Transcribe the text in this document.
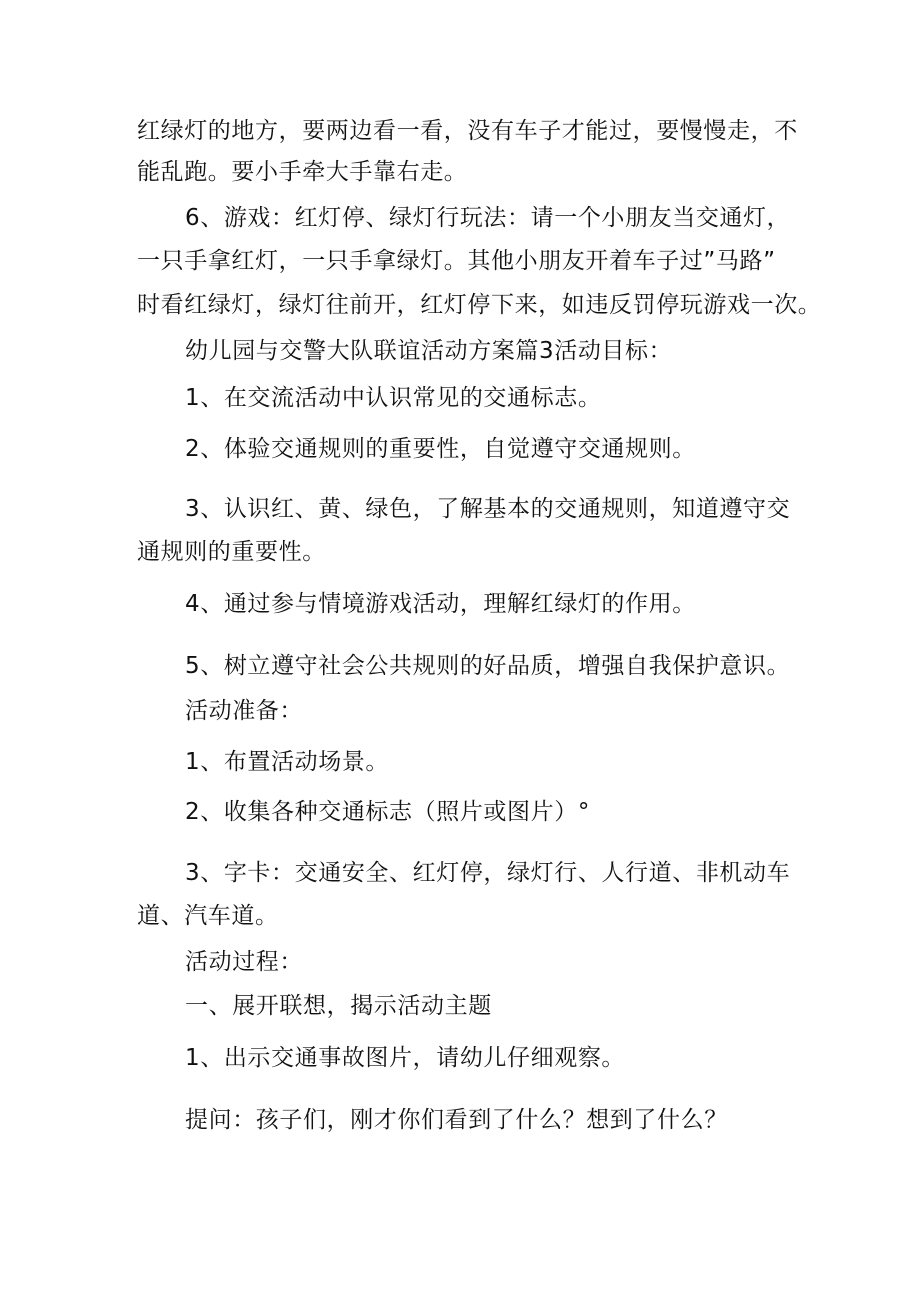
红绿灯的地方，要两边看一看，没有车子才能过，要慢慢走，不

能乱跑。要小手牵大手靠右走。

6、游戏：红灯停、绿灯行玩法：请一个小朋友当交通灯，

一只手拿红灯，一只手拿绿灯。其他小朋友开着车子过”马路”

时看红绿灯，绿灯往前开，红灯停下来，如违反罚停玩游戏一次。

幼儿园与交警大队联谊活动方案篇3活动目标：

1、在交流活动中认识常见的交通标志。

2、体验交通规则的重要性，自觉遵守交通规则。

3、认识红、黄、绿色，了解基本的交通规则，知道遵守交

通规则的重要性。

4、通过参与情境游戏活动，理解红绿灯的作用。

5、树立遵守社会公共规则的好品质，增强自我保护意识。

活动准备：

1、布置活动场景。

2、收集各种交通标志（照片或图片）°

3、字卡：交通安全、红灯停，绿灯行、人行道、非机动车

道、汽车道。

活动过程：

一、展开联想，揭示活动主题

1、出示交通事故图片，请幼儿仔细观察。

提问：孩子们，刚才你们看到了什么？想到了什么？
